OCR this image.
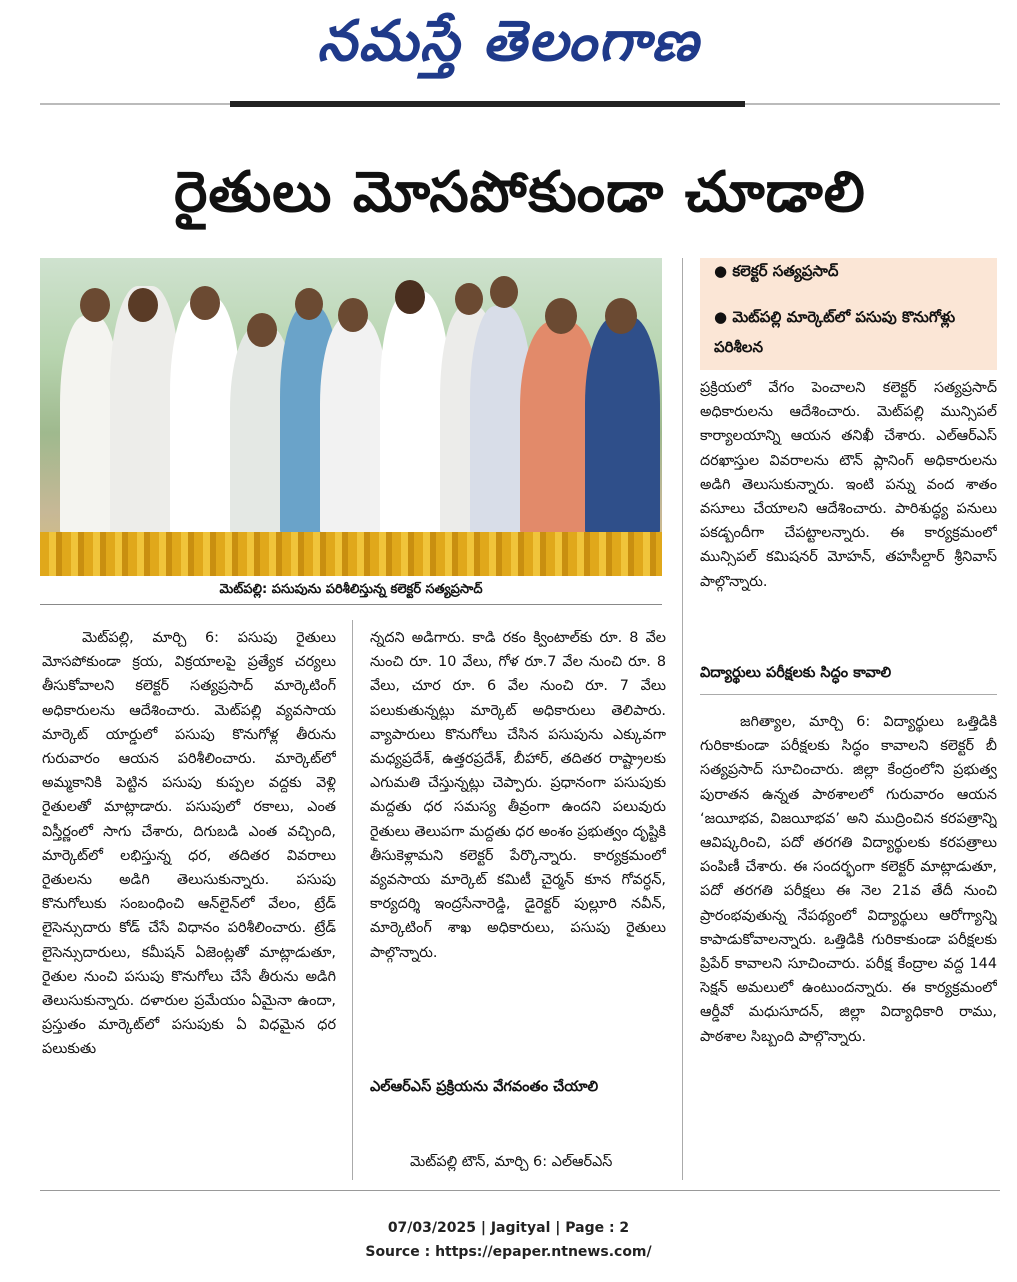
నమస్తే తెలంగాణ
రైతులు మోసపోకుండా చూడాలి
మెట్‌పల్లి: పసుపును పరిశీలిస్తున్న కలెక్టర్ సత్యప్రసాద్
● కలెక్టర్ సత్యప్రసాద్
● మెట్‌పల్లి మార్కెట్‌లో పసుపు కొనుగోళ్లు పరిశీలన
మెట్‌పల్లి, మార్చి 6: పసుపు రైతులు మోసపోకుండా క్రయ, విక్రయాలపై ప్రత్యేక చర్యలు తీసుకోవాలని కలెక్టర్ సత్యప్రసాద్ మార్కెటింగ్ అధికారులను ఆదేశించారు. మెట్‌పల్లి వ్యవసాయ మార్కెట్ యార్డులో పసుపు కొనుగోళ్ల తీరును గురువారం ఆయన పరిశీలించారు. మార్కెట్‌లో అమ్మకానికి పెట్టిన పసుపు కుప్పల వద్దకు వెళ్లి రైతులతో మాట్లాడారు. పసుపులో రకాలు, ఎంత విస్తీర్ణంలో సాగు చేశారు, దిగుబడి ఎంత వచ్చింది, మార్కెట్‌లో లభిస్తున్న ధర, తదితర వివరాలు రైతులను అడిగి తెలుసుకున్నారు. పసుపు కొనుగోలుకు సంబంధించి ఆన్‌లైన్‌లో వేలం, ట్రేడ్ లైసెన్సుదారు కోడ్ చేసే విధానం పరిశీలించారు. ట్రేడ్ లైసెన్సుదారులు, కమీషన్ ఏజెంట్లతో మాట్లాడుతూ, రైతుల నుంచి పసుపు కొనుగోలు చేసే తీరును అడిగి తెలుసుకున్నారు. దళారుల ప్రమేయం ఏమైనా ఉందా, ప్రస్తుతం మార్కెట్‌లో పసుపుకు ఏ విధమైన ధర పలుకుతు
న్నదని అడిగారు. కాడి రకం క్వింటాల్‌కు రూ. 8 వేల నుంచి రూ. 10 వేలు, గోళ రూ.7 వేల నుంచి రూ. 8 వేలు, చూర రూ. 6 వేల నుంచి రూ. 7 వేలు పలుకుతున్నట్లు మార్కెట్ అధికారులు తెలిపారు. వ్యాపారులు కొనుగోలు చేసిన పసుపును ఎక్కువగా మధ్యప్రదేశ్, ఉత్తరప్రదేశ్, బీహార్, తదితర రాష్ట్రాలకు ఎగుమతి చేస్తున్నట్లు చెప్పారు. ప్రధానంగా పసుపుకు మద్దతు ధర సమస్య తీవ్రంగా ఉందని పలువురు రైతులు తెలుపగా మద్దతు ధర అంశం ప్రభుత్వం దృష్టికి తీసుకెళ్లామని కలెక్టర్ పేర్కొన్నారు. కార్యక్రమంలో వ్యవసాయ మార్కెట్ కమిటీ చైర్మన్ కూన గోవర్ధన్, కార్యదర్శి ఇంద్రసేనారెడ్డి, డైరెక్టర్ పుల్లూరి నవీన్, మార్కెటింగ్ శాఖ అధికారులు, పసుపు రైతులు పాల్గొన్నారు.
ఎల్‌ఆర్‌ఎస్ ప్రక్రియను వేగవంతం చేయాలి
మెట్‌పల్లి టౌన్, మార్చి 6: ఎల్‌ఆర్‌ఎస్
ప్రక్రియలో వేగం పెంచాలని కలెక్టర్ సత్యప్రసాద్ అధికారులను ఆదేశించారు. మెట్‌పల్లి మున్సిపల్ కార్యాలయాన్ని ఆయన తనిఖీ చేశారు. ఎల్‌ఆర్‌ఎస్ దరఖాస్తుల వివరాలను టౌన్ ప్లానింగ్ అధికారులను అడిగి తెలుసుకున్నారు. ఇంటి పన్ను వంద శాతం వసూలు చేయాలని ఆదేశించారు. పారిశుద్ధ్య పనులు పకడ్బందీగా చేపట్టాలన్నారు. ఈ కార్యక్రమంలో మున్సిపల్ కమిషనర్ మోహన్, తహసీల్దార్ శ్రీనివాస్ పాల్గొన్నారు.
విద్యార్థులు పరీక్షలకు సిద్ధం కావాలి
జగిత్యాల, మార్చి 6: విద్యార్థులు ఒత్తిడికి గురికాకుండా పరీక్షలకు సిద్ధం కావాలని కలెక్టర్ బీ సత్యప్రసాద్ సూచించారు. జిల్లా కేంద్రంలోని ప్రభుత్వ పురాతన ఉన్నత పాఠశాలలో గురువారం ఆయన ‘జయీభవ, విజయీభవ’ అని ముద్రించిన కరపత్రాన్ని ఆవిష్కరించి, పదో తరగతి విద్యార్థులకు కరపత్రాలు పంపిణీ చేశారు. ఈ సందర్భంగా కలెక్టర్ మాట్లాడుతూ, పదో తరగతి పరీక్షలు ఈ నెల 21వ తేదీ నుంచి ప్రారంభవుతున్న నేపథ్యంలో విద్యార్థులు ఆరోగ్యాన్ని కాపాడుకోవాలన్నారు. ఒత్తిడికి గురికాకుండా పరీక్షలకు ప్రిపేర్ కావాలని సూచించారు. పరీక్ష కేంద్రాల వద్ద 144 సెక్షన్ అమలులో ఉంటుందన్నారు. ఈ కార్యక్రమంలో ఆర్డీవో మధుసూదన్, జిల్లా విద్యాధికారి రాము, పాఠశాల సిబ్బంది పాల్గొన్నారు.
07/03/2025 | Jagityal | Page : 2
Source : https://epaper.ntnews.com/
